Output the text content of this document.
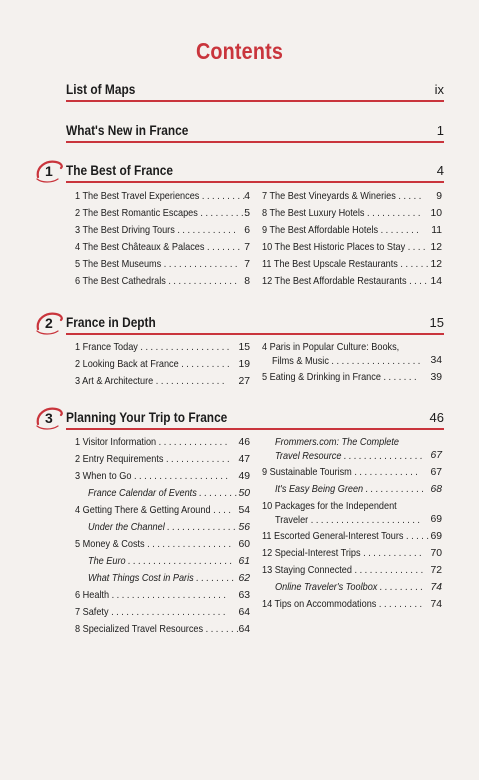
Contents
List of Maps	ix
What's New in France	1
1 The Best of France	4
1 The Best Travel Experiences . . . . . . . . . 4
2 The Best Romantic Escapes . . . . . . . . . 5
3 The Best Driving Tours . . . . . . . . . . . . 6
4 The Best Châteaux & Palaces . . . . . . . 7
5 The Best Museums . . . . . . . . . . . . . . . 7
6 The Best Cathedrals . . . . . . . . . . . . . . 8
7 The Best Vineyards & Wineries . . . . . 9
8 The Best Luxury Hotels . . . . . . . . . . . 10
9 The Best Affordable Hotels . . . . . . . . 11
10 The Best Historic Places to Stay . . . . 12
11 The Best Upscale Restaurants . . . . . . 12
12 The Best Affordable Restaurants . . . . 14
2 France in Depth	15
1 France Today . . . . . . . . . . . . . . . . . . 15
2 Looking Back at France . . . . . . . . . . 19
3 Art & Architecture . . . . . . . . . . . . . . 27
4 Paris in Popular Culture: Books,
Films & Music . . . . . . . . . . . . . . . . . . 34
5 Eating & Drinking in France . . . . . . . 39
3 Planning Your Trip to France	46
1 Visitor Information . . . . . . . . . . . . . . 46
2 Entry Requirements . . . . . . . . . . . . . 47
3 When to Go . . . . . . . . . . . . . . . . . . . 49
France Calendar of Events . . . . . . . . 50
4 Getting There & Getting Around . . . . 54
Under the Channel . . . . . . . . . . . . . . 56
5 Money & Costs . . . . . . . . . . . . . . . . . 60
The Euro . . . . . . . . . . . . . . . . . . . . . 61
What Things Cost in Paris . . . . . . . . 62
6 Health . . . . . . . . . . . . . . . . . . . . . . . 63
7 Safety . . . . . . . . . . . . . . . . . . . . . . . 64
8 Specialized Travel Resources . . . . . . . 64
Frommers.com: The Complete
Travel Resource . . . . . . . . . . . . . . . . 67
9 Sustainable Tourism . . . . . . . . . . . . . 67
It's Easy Being Green . . . . . . . . . . . . 68
10 Packages for the Independent
Traveler . . . . . . . . . . . . . . . . . . . . . . 69
11 Escorted General-Interest Tours . . . . . 69
12 Special-Interest Trips . . . . . . . . . . . . 70
13 Staying Connected . . . . . . . . . . . . . . 72
Online Traveler's Toolbox . . . . . . . . . 74
14 Tips on Accommodations . . . . . . . . . 74
